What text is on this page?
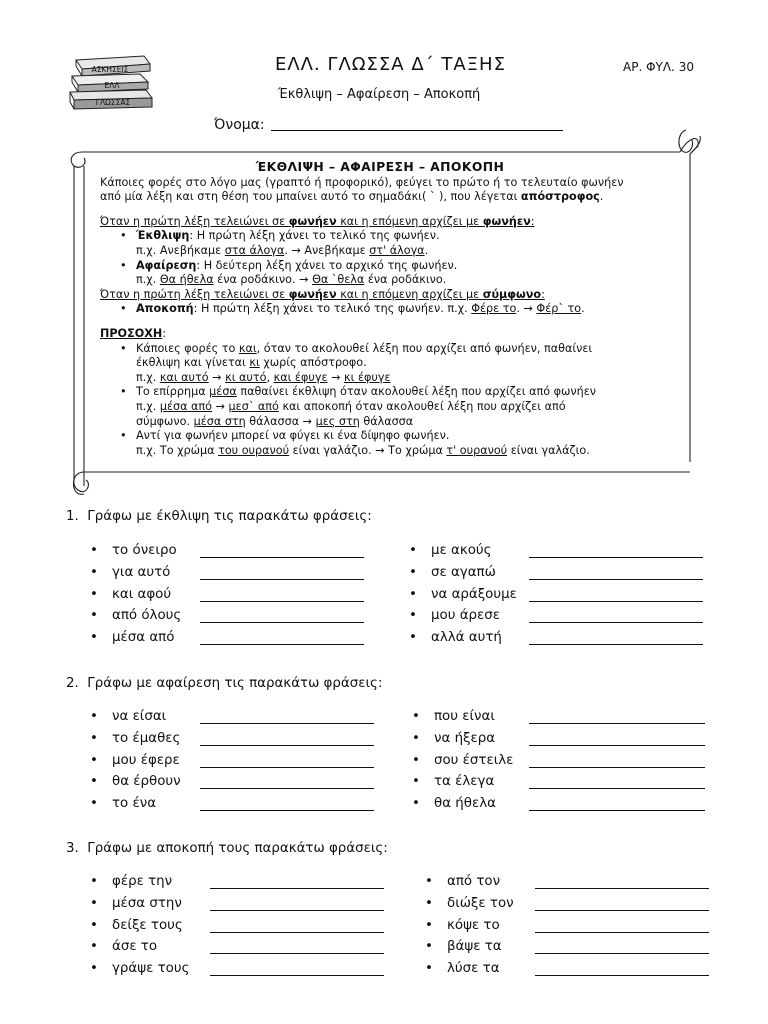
ΑΣΚΗΣΕΙΣ
ΕΛΛ
ΓΛΩΣΣΑΣ
ΕΛΛ. ΓΛΩΣΣΑ Δ΄ ΤΑΞΗΣ	ΑΡ. ΦΥΛ. 30
Έκθλιψη – Αφαίρεση – Αποκοπή
Όνομα:
ΈΚΘΛΙΨΗ – ΑΦΑΙΡΕΣΗ – ΑΠΟΚΟΠΗ

Κάποιες φορές στο λόγο μας (γραπτό ή προφορικό), φεύγει το πρώτο ή το τελευταίο φωνήεν

από μία λέξη και στη θέση του μπαίνει αυτό το σημαδάκι( ` ), που λέγεται απόστροφος.

Όταν η πρώτη λέξη τελειώνει σε φωνήεν και η επόμενη αρχίζει με φωνήεν:

• Έκθλιψη: Η πρώτη λέξη χάνει το τελικό της φωνήεν.
π.χ. Ανεβήκαμε στα άλογα. → Ανεβήκαμε στ' άλογα.
• Αφαίρεση: Η δεύτερη λέξη χάνει το αρχικό της φωνήεν.
π.χ. Θα ήθελα ένα ροδάκινο. → Θα `θελα ένα ροδάκινο.

Όταν η πρώτη λέξη τελειώνει σε φωνήεν και η επόμενη αρχίζει με σύμφωνο:

• Αποκοπή: Η πρώτη λέξη χάνει το τελικό της φωνήεν. π.χ. Φέρε το. → Φέρ` το.

ΠΡΟΣΟΧΗ:

• Κάποιες φορές το και, όταν το ακολουθεί λέξη που αρχίζει από φωνήεν, παθαίνει
έκθλιψη και γίνεται κι χωρίς απόστροφο.
π.χ. και αυτό → κι αυτό, και έφυγε → κι έφυγε
• Το επίρρημα μέσα παθαίνει έκθλιψη όταν ακολουθεί λέξη που αρχίζει από φωνήεν
π.χ. μέσα από → μεσ` από και αποκοπή όταν ακολουθεί λέξη που αρχίζει από
σύμφωνο. μέσα στη θάλασσα → μες στη θάλασσα
• Αντί για φωνήεν μπορεί να φύγει κι ένα δίψηφο φωνήεν.
π.χ. Το χρώμα του ουρανού είναι γαλάζιο. → Το χρώμα τ' ουρανού είναι γαλάζιο.
1. Γράφω με έκθλιψη τις παρακάτω φράσεις:
• το όνειρο
• για αυτό
• και αφού
• από όλους
• μέσα από
• με ακούς
• σε αγαπώ
• να αράξουμε
• μου άρεσε
• αλλά αυτή
2. Γράφω με αφαίρεση τις παρακάτω φράσεις:
• να είσαι
• το έμαθες
• μου έφερε
• θα έρθουν
• το ένα
• που είναι
• να ήξερα
• σου έστειλε
• τα έλεγα
• θα ήθελα
3. Γράφω με αποκοπή τους παρακάτω φράσεις:
• φέρε την
• μέσα στην
• δείξε τους
• άσε το
• γράψε τους
• από τον
• διώξε τον
• κόψε το
• βάψε τα
• λύσε τα
